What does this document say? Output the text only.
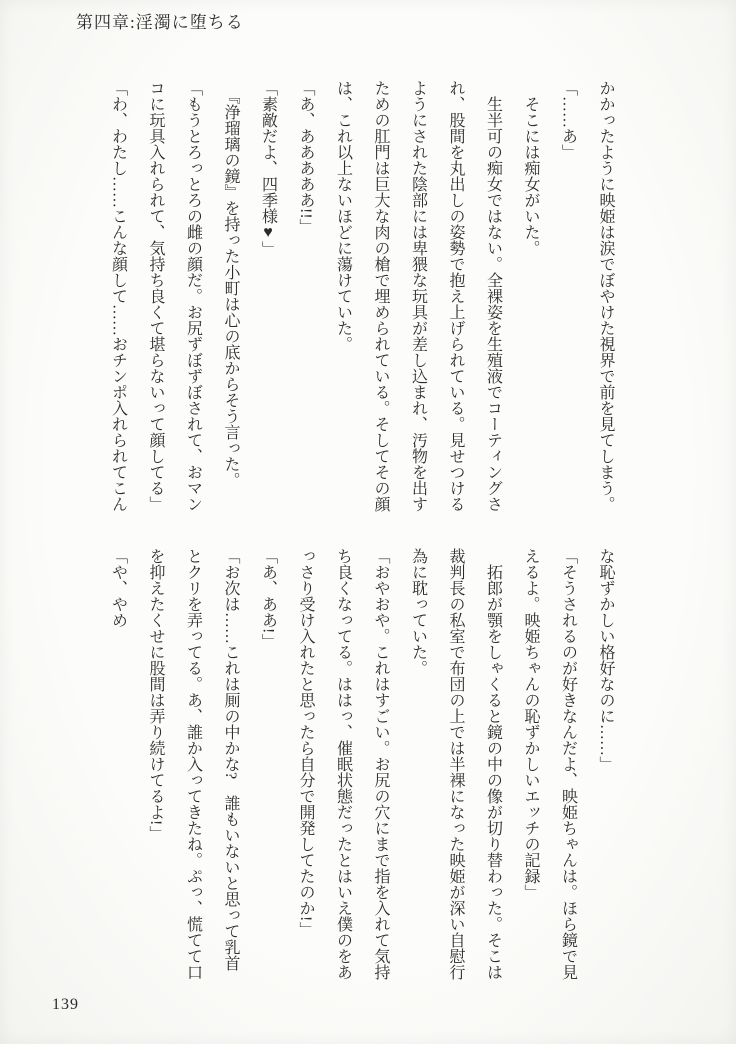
第四章:淫濁に堕ちる

かかったように映姫は涙でぼやけた視界で前を見てしまう。

「……あ」

　そこには痴女がいた。

　生半可の痴女ではない。全裸姿を生殖液でコーティングさ

れ、股間を丸出しの姿勢で抱え上げられている。見せつける

ようにされた陰部には卑猥な玩具が差し込まれ、汚物を出す

ための肛門は巨大な肉の槍で埋められている。そしてその顔

は、これ以上ないほどに蕩けていた。

「あ、あああああ!!」

「素敵だよ、四季様♥」

　『浄瑠璃の鏡』を持った小町は心の底からそう言った。

「もうとろっとろの雌の顔だ。お尻ずぼずぼされて、おマン

コに玩具入れられて、気持ち良くて堪らないって顔してる」

「わ、わたし……こんな顔して……おチンポ入れられてこん

な恥ずかしい格好なのに……」

「そうされるのが好きなんだよ、映姫ちゃんは。ほら鏡で見

えるよ。映姫ちゃんの恥ずかしいエッチの記録」

　拓郎が顎をしゃくると鏡の中の像が切り替わった。そこは

裁判長の私室で布団の上では半裸になった映姫が深い自慰行

為に耽っていた。

「おやおや。これはすごい。お尻の穴にまで指を入れて気持

ち良くなってる。ははっ、催眠状態だったとはいえ僕のをあ

っさり受け入れたと思ったら自分で開発してたのか!」

「あ、ああ!」

「お次は……これは厠の中かな?　誰もいないと思って乳首

とクリを弄ってる。あ、誰か入ってきたね。ぷっ、慌てて口

を抑えたくせに股間は弄り続けてるよ!」

「や、やめ

139
